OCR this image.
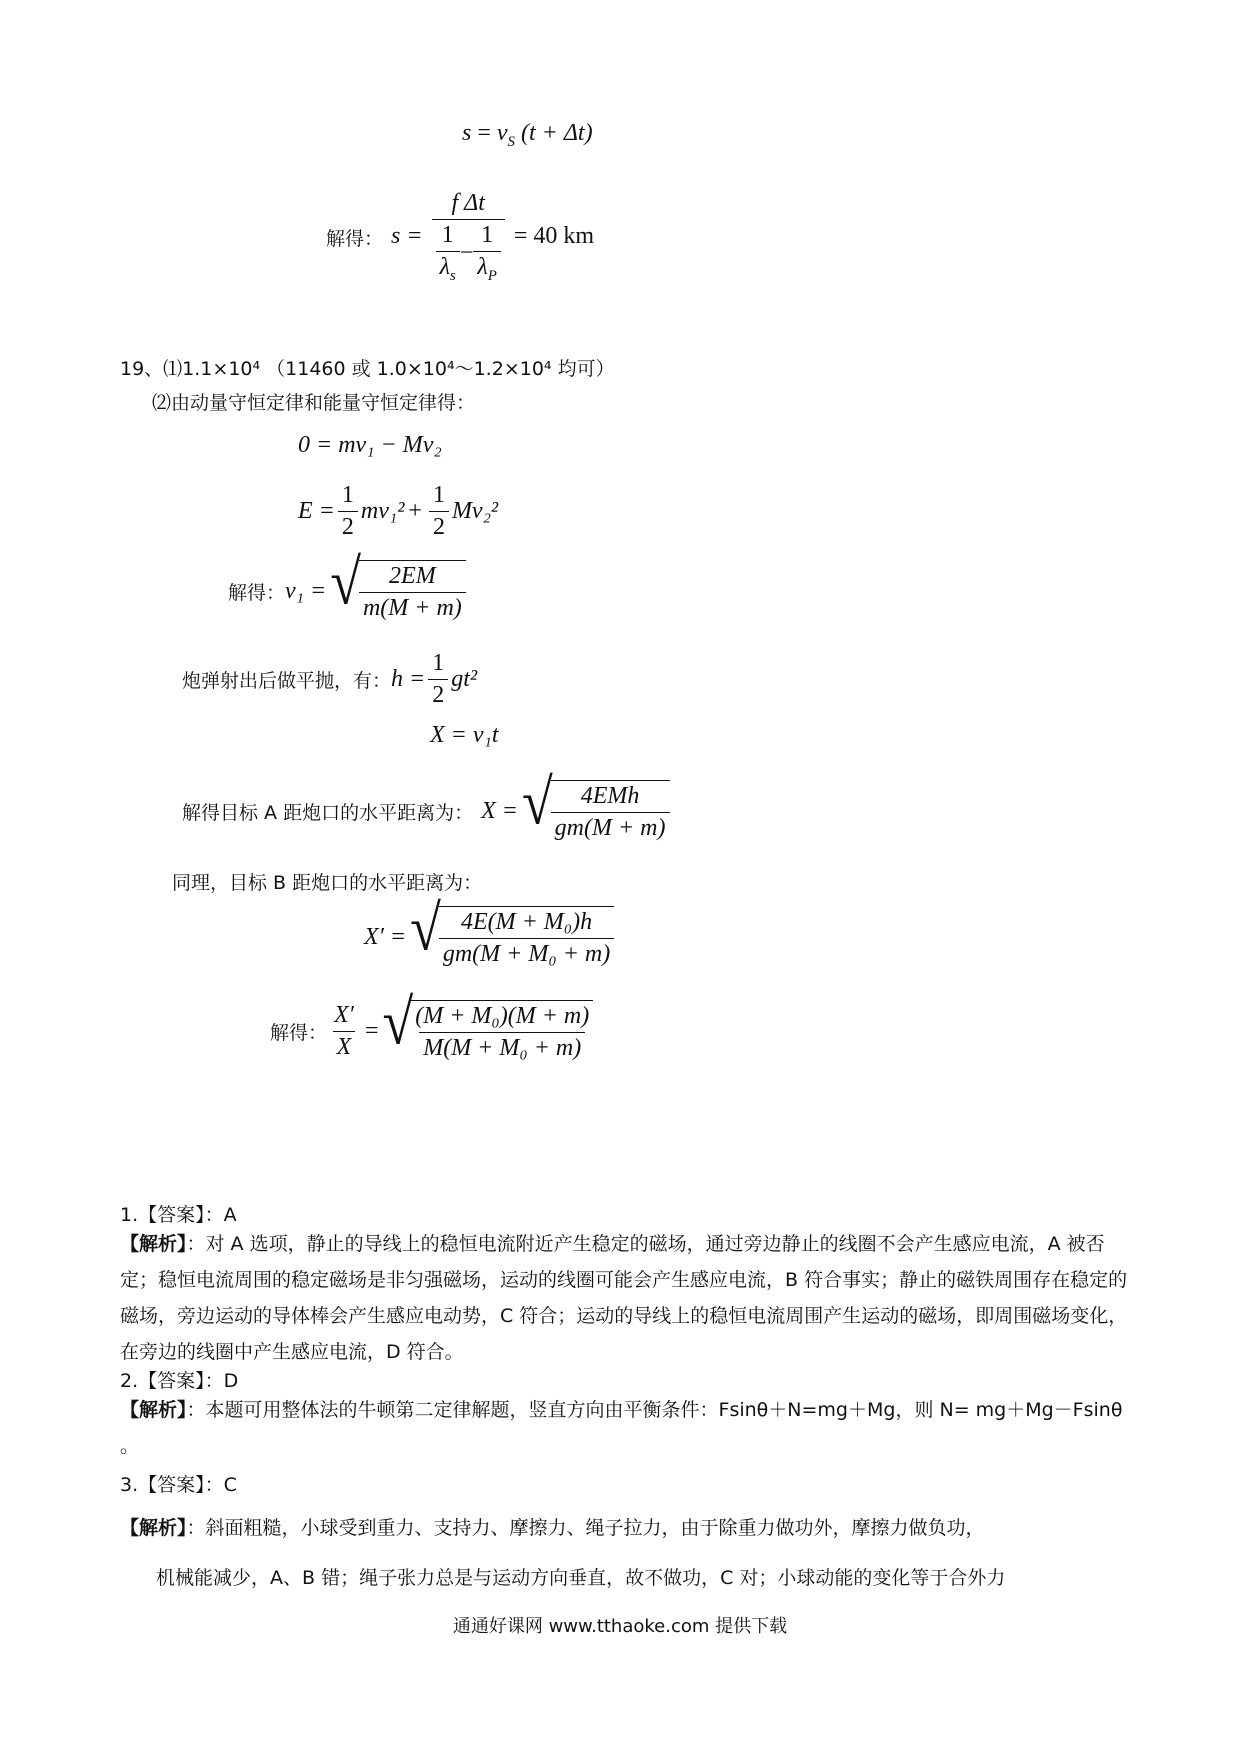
$s = v_S$ (t + Δt)
解得： s =
f Δt
$\frac{1}{\lambda_s} - \frac{1}{\lambda_P} = 40$ km
19、⑴1.1×10⁴ （11460 或 1.0×10⁴～1.2×10⁴ 均可）
⑵由动量守恒定律和能量守恒定律得：
0 = mv₁ − Mv₂
$E = \frac{1}{2} mv_1^2 + \frac{1}{2} Mv_2^2$
解得： v₁ = √
$\frac{2EM}{m(M + m)}$
炮弹射出后做平抛，有： $h = \frac{1}{2} gt^2$
X = v₁t
解得目标 A 距炮口的水平距离为： X = √
$\frac{\text{4EMh}}{gm(M + m)}$
同理，目标 B 距炮口的水平距离为：
X′ = √
$\frac{\text{4E(M + M₀)h}}{\text{gm(M + M₀ + m)}}$
解得： $\frac{X'}{X}$ = √
$\frac{\text{(M + M₀)(M + m)}}{\text{M(M + M₀ + m)}}$
1.【答案】：A
【解析】：对 A 选项，静止的导线上的稳恒电流附近产生稳定的磁场，通过旁边静止的线圈不会产生感应电流，A 被否定；稳恒电流周围的稳定磁场是非匀强磁场，运动的线圈可能会产生感应电流，B 符合事实；静止的磁铁周围存在稳定的磁场，旁边运动的导体棒会产生感应电动势，C 符合；运动的导线上的稳恒电流周围产生运动的磁场，即周围磁场变化，在旁边的线圈中产生感应电流，D 符合。
2.【答案】：D
【解析】：本题可用整体法的牛顿第二定律解题，竖直方向由平衡条件：Fsinθ＋N=mg＋Mg，则 N= mg＋Mg－Fsinθ 。
3.【答案】：C
【解析】：斜面粗糙，小球受到重力、支持力、摩擦力、绳子拉力，由于除重力做功外，摩擦力做负功，
机械能减少，A、B 错；绳子张力总是与运动方向垂直，故不做功，C 对；小球动能的变化等于合外力
通通好课网 www.tthaoke.com 提供下载
